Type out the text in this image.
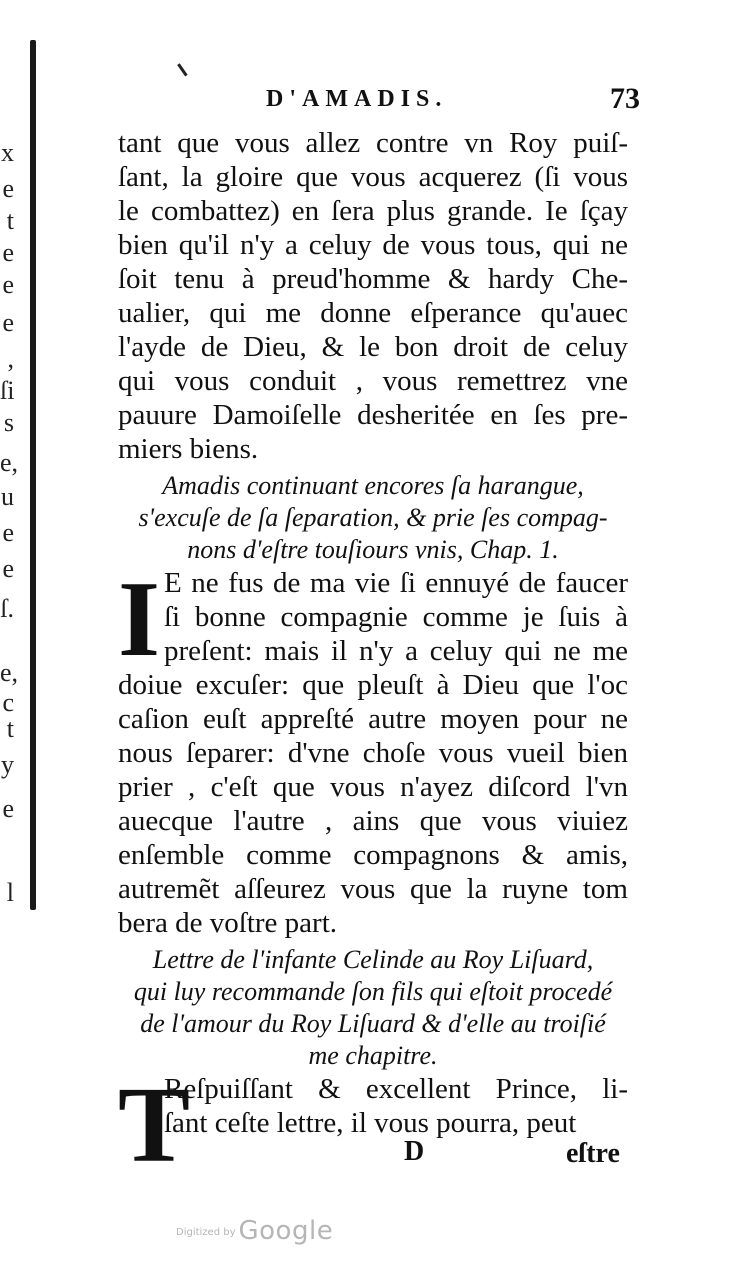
x
e
t
e
e
e
,
ſi
s
e,
u
e
e
ſ.
e,
c
t
y
e
l
D'AMADIS.	73
tant que vous allez contre vn Roy puiſ-
ſant, la gloire que vous acquerez (ſi vous
le combattez) en ſera plus grande. Ie ſçay
bien qu'il n'y a celuy de vous tous, qui ne
ſoit tenu à preud'homme & hardy Che-
ualier, qui me donne eſperance qu'auec
l'ayde de Dieu, & le bon droit de celuy
qui vous conduit , vous remettrez vne
pauure Damoiſelle desheritée en ſes pre-
miers biens.
Amadis continuant encores ſa harangue,
s'excuſe de ſa ſeparation, & prie ſes compag-
nons d'eſtre touſiours vnis, Chap. 1.
I E ne fus de ma vie ſi ennuyé de faucer
ſi bonne compagnie comme je ſuis à
preſent: mais il n'y a celuy qui ne me
doiue excuſer: que pleuſt à Dieu que l'oc
caſion euſt appreſté autre moyen pour ne
nous ſeparer: d'vne choſe vous vueil bien
prier , c'eſt que vous n'ayez diſcord l'vn
auecque l'autre , ains que vous viuiez
enſemble comme compagnons & amis,
autremẽt aſſeurez vous que la ruyne tom
bera de voſtre part.
Lettre de l'infante Celinde au Roy Liſuard,
qui luy recommande ſon fils qui eſtoit procedé
de l'amour du Roy Liſuard & d'elle au troiſié
me chapitre.
T
Reſpuiſſant & excellent Prince, li-
ſant ceſte lettre, il vous pourra, peut
D	eſtre
$^{Digitized by}$ Google
